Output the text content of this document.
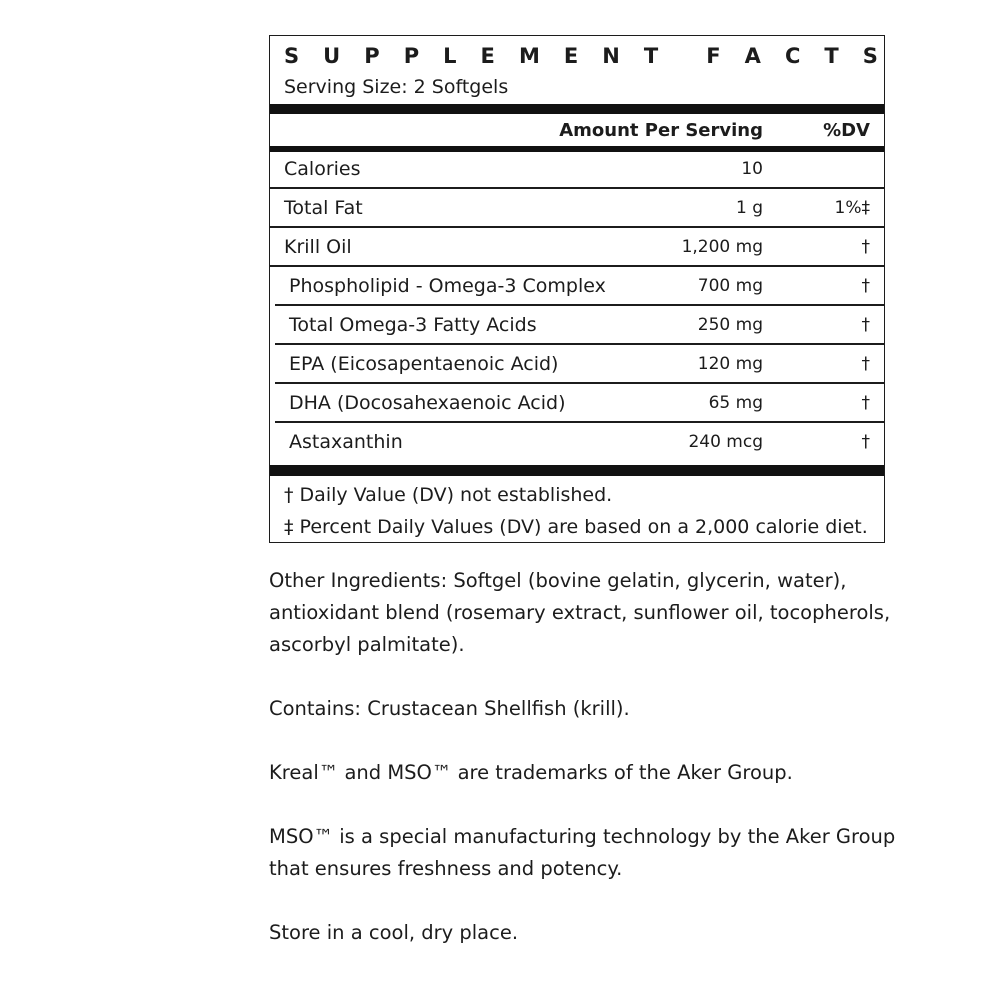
S U P P L E M E N T F A C T S
Serving Size: 2 Softgels
Amount Per Serving	%DV
Calories	10
Total Fat	1 g	1%‡
Krill Oil	1,200 mg	†
Phospholipid - Omega-3 Complex	700 mg	†
Total Omega-3 Fatty Acids	250 mg	†
EPA (Eicosapentaenoic Acid)	120 mg	†
DHA (Docosahexaenoic Acid)	65 mg	†
Astaxanthin	240 mcg	†
† Daily Value (DV) not established.
‡ Percent Daily Values (DV) are based on a 2,000 calorie diet.

Other Ingredients: Softgel (bovine gelatin, glycerin, water), antioxidant blend (rosemary extract, sunflower oil, tocopherols, ascorbyl palmitate).

Contains: Crustacean Shellfish (krill).

Kreal™ and MSO™ are trademarks of the Aker Group.

MSO™ is a special manufacturing technology by the Aker Group that ensures freshness and potency.

Store in a cool, dry place.
